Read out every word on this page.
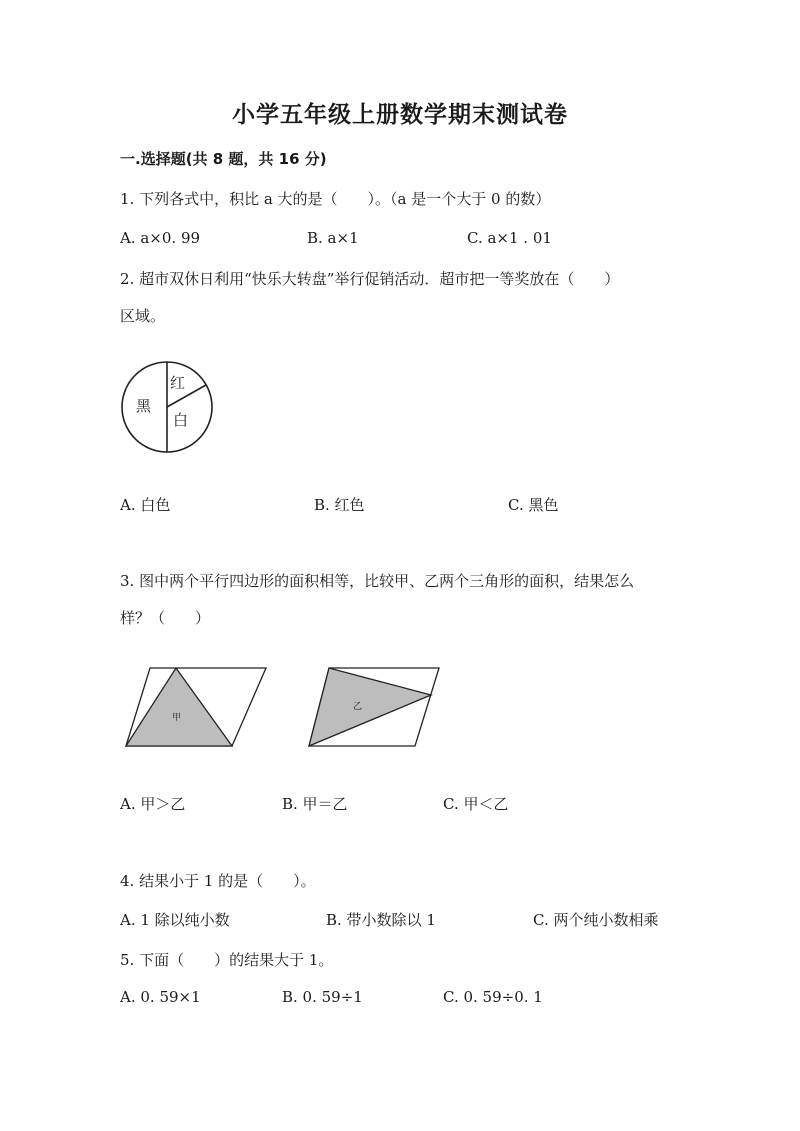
小学五年级上册数学期末测试卷
一.选择题(共 8 题，共 16 分)
1. 下列各式中，积比 a 大的是（　　）。（a 是一个大于 0 的数）
A. a×0. 99	B. a×1	C. a×1 . 01
2. 超市双休日利用“快乐大转盘”举行促销活动．超市把一等奖放在（　　）
区域。
黑
红
白
A. 白色	B. 红色	C. 黑色
3. 图中两个平行四边形的面积相等，比较甲、乙两个三角形的面积，结果怎么
样？（　　）
甲
乙
A. 甲＞乙	B. 甲＝乙	C. 甲＜乙
4. 结果小于 1 的是（　　）。
A. 1 除以纯小数	B. 带小数除以 1	C. 两个纯小数相乘
5. 下面（　　）的结果大于 1。
A. 0. 59×1	B. 0. 59÷1	C. 0. 59÷0. 1
